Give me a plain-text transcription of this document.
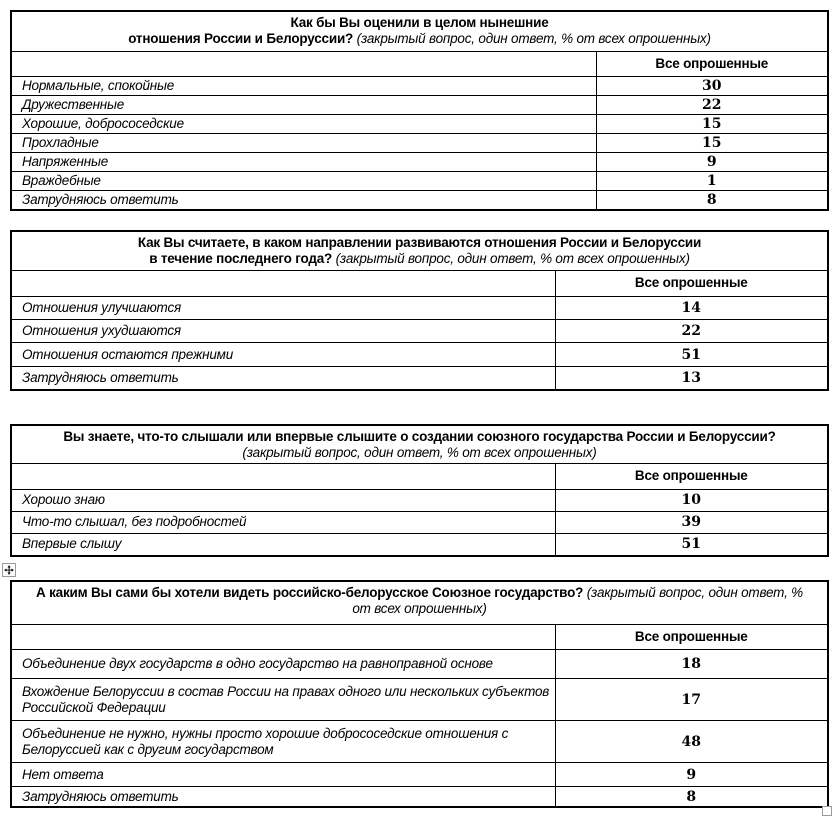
Как бы Вы оценили в целом нынешние
отношения России и Белоруссии? (закрытый вопрос, один ответ, % от всех опрошенных)	

	Все опрошенные

Нормальные, спокойные	30

Дружественные	22

Хорошие, добрососедские	15

Прохладные	15

Напряженные	9

Враждебные	1

Затрудняюсь ответить	8
Как Вы считаете, в каком направлении развиваются отношения России и Белоруссии
в течение последнего года? (закрытый вопрос, один ответ, % от всех опрошенных)	

	Все опрошенные

Отношения улучшаются	14

Отношения ухудшаются	22

Отношения остаются прежними	51

Затрудняюсь ответить	13
Вы знаете, что-то слышали или впервые слышите о создании союзного государства России и Белоруссии?
(закрытый вопрос, один ответ, % от всех опрошенных)	

	Все опрошенные

Хорошо знаю	10

Что-то слышал, без подробностей	39

Впервые слышу	51
А каким Вы сами бы хотели видеть российско-белорусское Союзное государство? (закрытый вопрос, один ответ, %
от всех опрошенных)	

	Все опрошенные

Объединение двух государств в одно государство на равноправной основе	18

Вхождение Белоруссии в состав России на правах одного или нескольких субъектов Российской Федерации	17

Объединение не нужно, нужны просто хорошие добрососедские отношения с Белоруссией как с другим государством	48

Нет ответа	9

Затрудняюсь ответить	8
